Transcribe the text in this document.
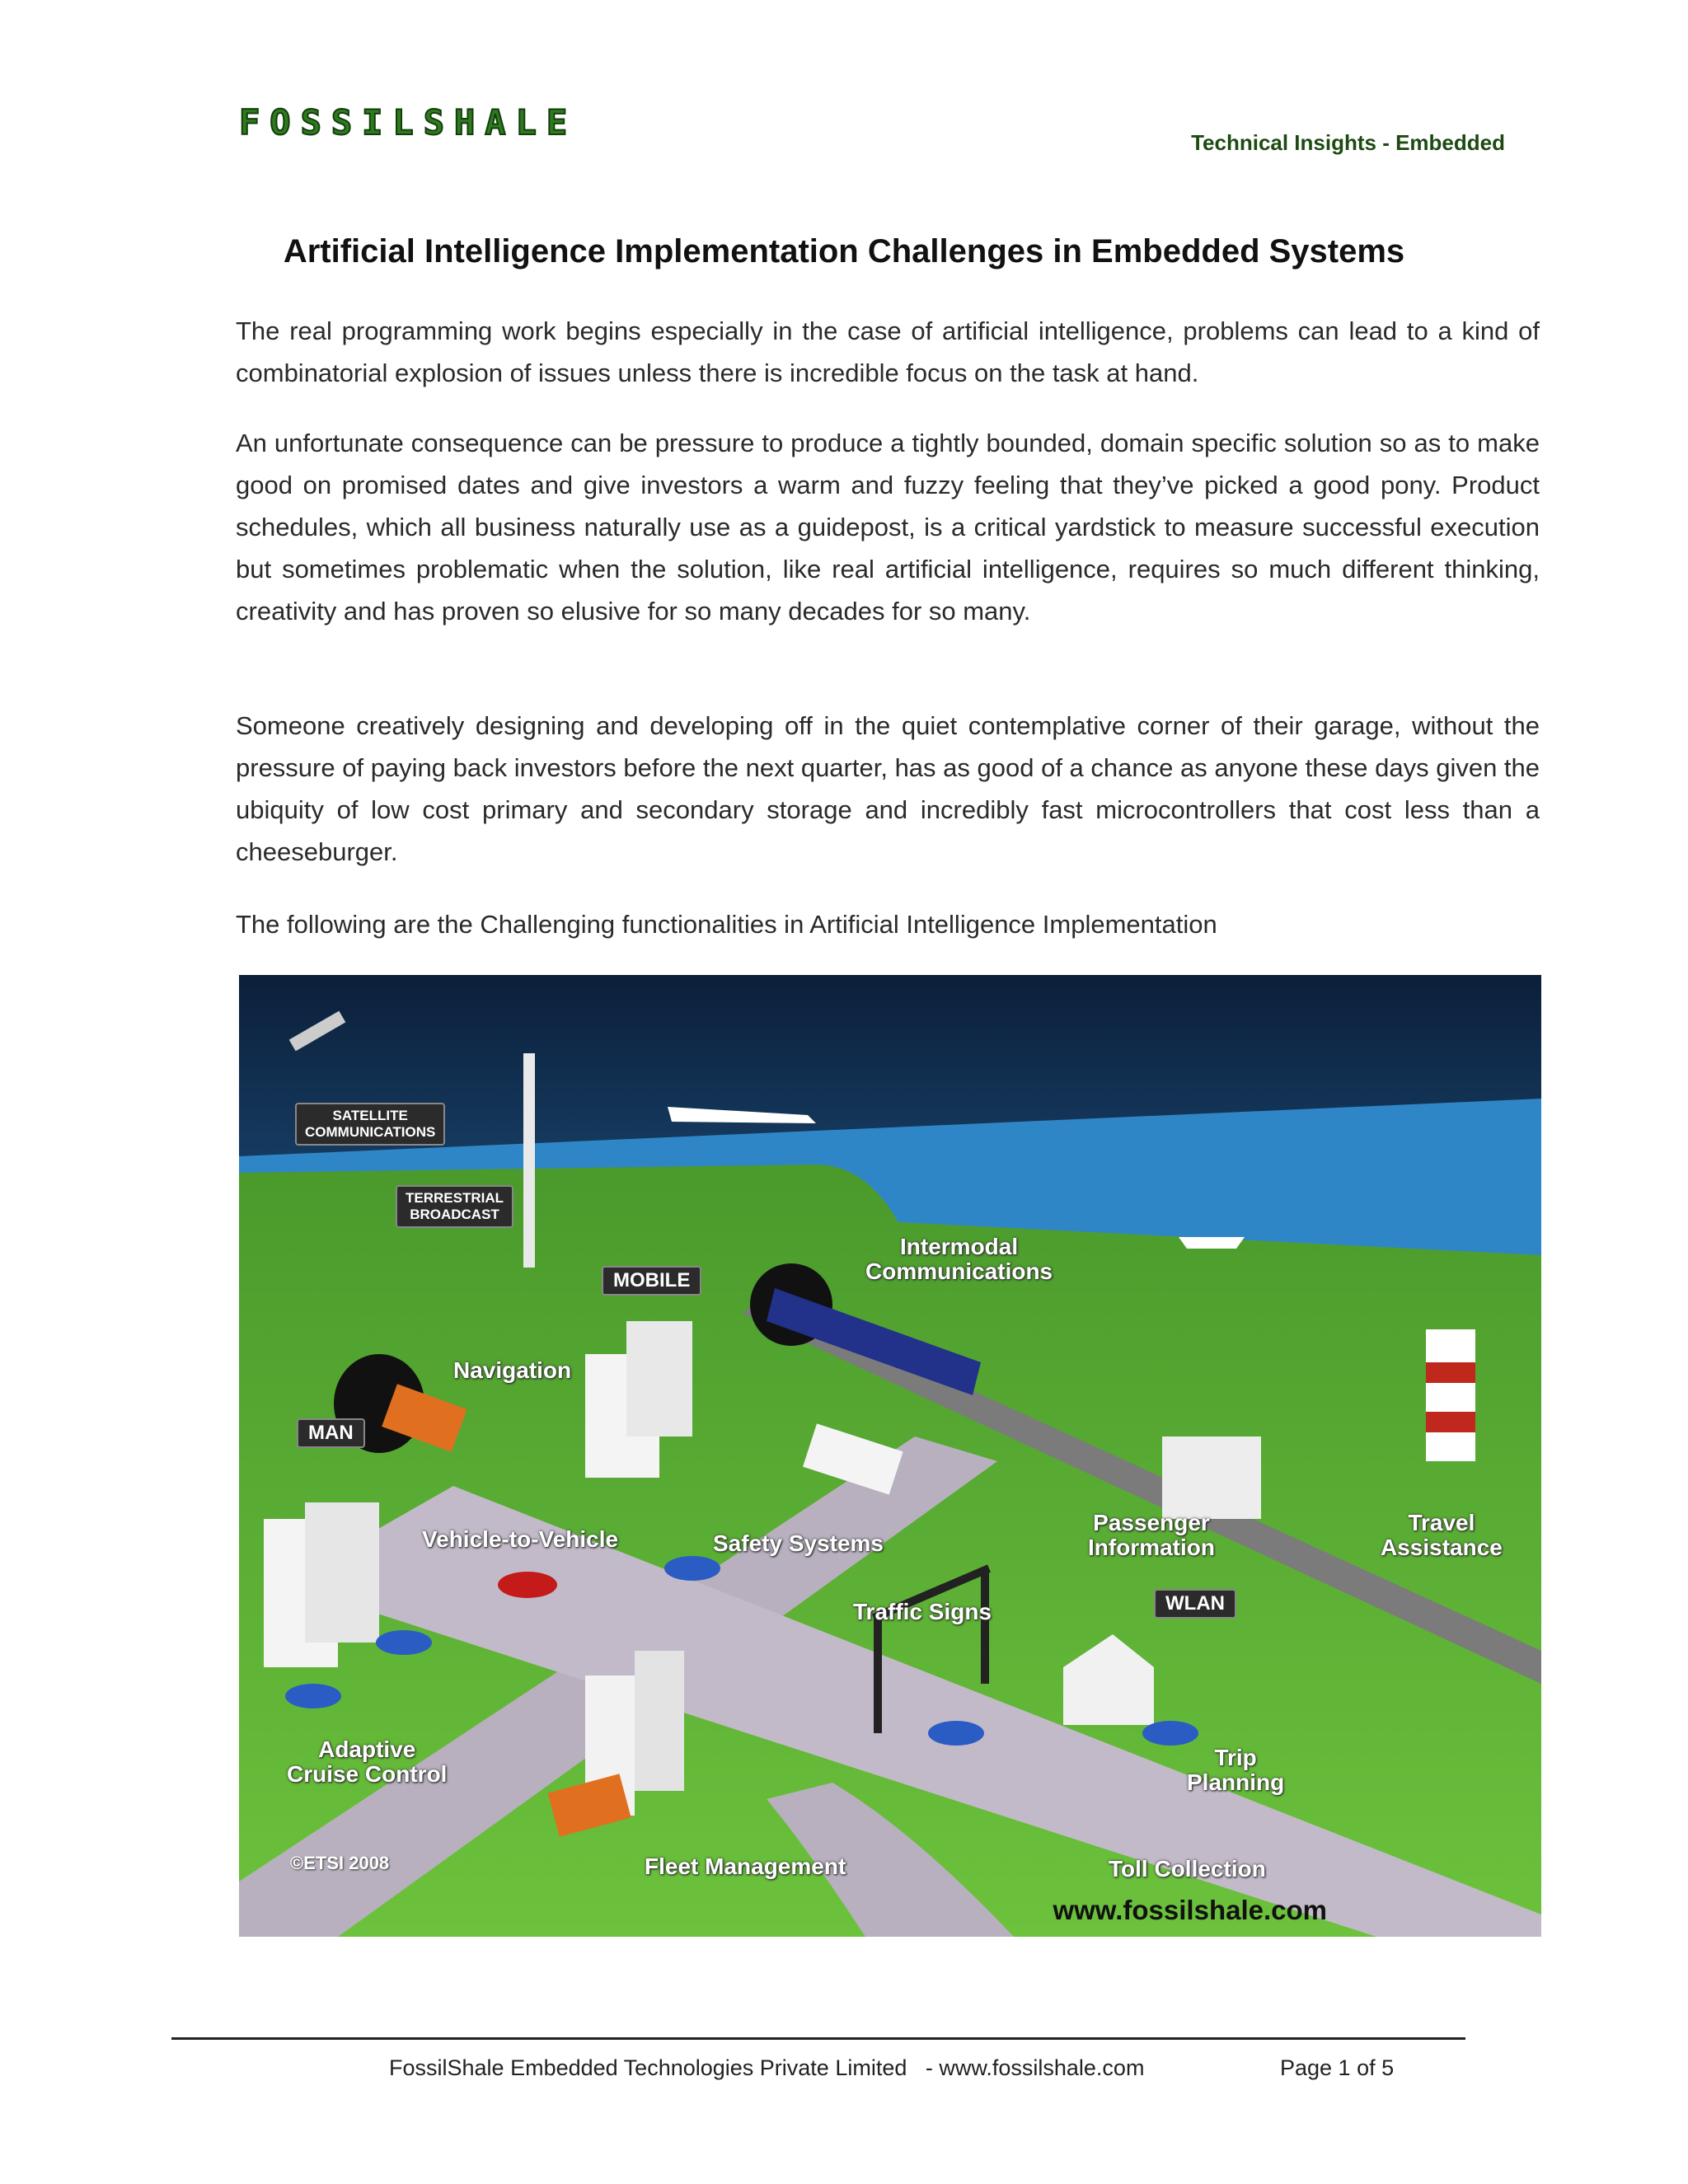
FOSSILSHALE	Technical Insights - Embedded
Artificial Intelligence Implementation Challenges in Embedded Systems
The real programming work begins especially in the case of artificial intelligence, problems can lead to a kind of combinatorial explosion of issues unless there is incredible focus on the task at hand.
An unfortunate consequence can be pressure to produce a tightly bounded, domain specific solution so as to make good on promised dates and give investors a warm and fuzzy feeling that they’ve picked a good pony. Product schedules, which all business naturally use as a guidepost, is a critical yardstick to measure successful execution but sometimes problematic when the solution, like real artificial intelligence, requires so much different thinking, creativity and has proven so elusive for so many decades for so many.
Someone creatively designing and developing off in the quiet contemplative corner of their garage, without the pressure of paying back investors before the next quarter, has as good of a chance as anyone these days given the ubiquity of low cost primary and secondary storage and incredibly fast microcontrollers that cost less than a cheeseburger.
The following are the Challenging functionalities in Artificial Intelligence Implementation
SATELLITE
COMMUNICATIONS
TERRESTRIAL
BROADCAST
MOBILE
MAN
WLAN
Intermodal
Communications
Navigation
Vehicle-to-Vehicle	Safety Systems
Traffic Signs
Passenger
Information
Travel
Assistance
Adaptive
Cruise Control
Fleet Management
Trip
Planning
Toll Collection
©ETSI 2008
www.fossilshale.com
FossilShale Embedded Technologies Private Limited   - www.fossilshale.com	Page 1 of 5
